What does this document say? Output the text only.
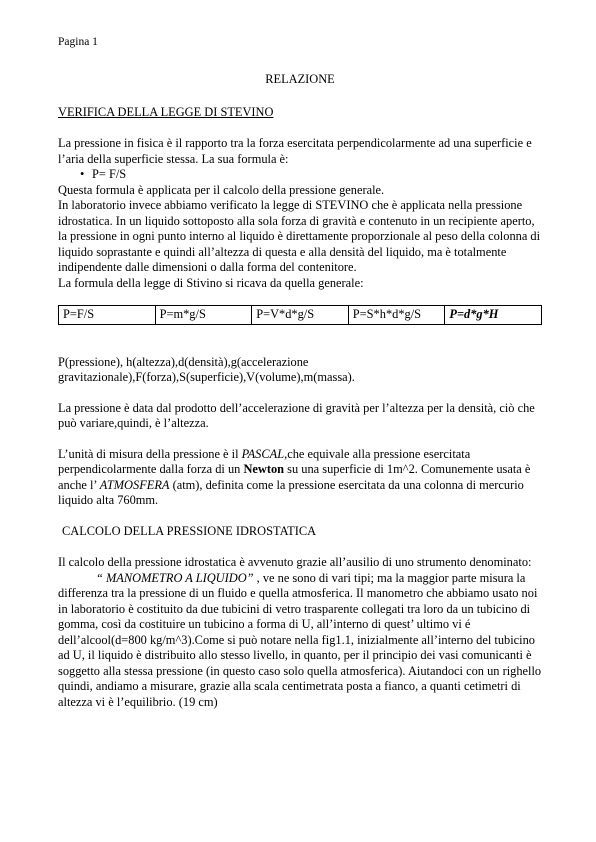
Pagina 1

RELAZIONE

VERIFICA DELLA LEGGE DI STEVINO

La pressione in fisica è il rapporto tra la forza esercitata perpendicolarmente ad una superficie e l’aria della superficie stessa. La sua formula è:

• P= F/S

Questa formula è applicata per il calcolo della pressione generale.

In laboratorio invece abbiamo verificato la legge di STEVINO che è applicata nella pressione idrostatica. In un liquido sottoposto alla sola forza di gravità e contenuto in un recipiente aperto, la pressione in ogni punto interno al liquido è direttamente proporzionale al peso della colonna di liquido soprastante e quindi all’altezza di questa e alla densità del liquido, ma è totalmente indipendente dalle dimensioni o dalla forma del contenitore.

La formula della legge di Stivino si ricava da quella generale:

P=F/S	P=m*g/S	P=V*d*g/S	P=S*h*d*g/S	P=d*g*H

P(pressione), h(altezza),d(densità),g(accelerazione gravitazionale),F(forza),S(superficie),V(volume),m(massa).

La pressione è data dal prodotto dell’accelerazione di gravità per l’altezza per la densità, ciò che può variare,quindi, è l’altezza.

L’unità di misura della pressione è il PASCAL,che equivale alla pressione esercitata perpendicolarmente dalla forza di un Newton su una superficie di 1m^2. Comunemente usata è anche l’ ATMOSFERA (atm), definita come la pressione esercitata da una colonna di mercurio liquido alta 760mm.

CALCOLO DELLA PRESSIONE IDROSTATICA

Il calcolo della pressione idrostatica è avvenuto grazie all’ausilio di uno strumento denominato:“ MANOMETRO A LIQUIDO” , ve ne sono di vari tipi; ma la maggior parte misura la differenza tra la pressione di un fluido e quella atmosferica. Il manometro che abbiamo usato noi in laboratorio è costituito da due tubicini di vetro trasparente collegati tra loro da un tubicino di gomma, così da costituire un tubicino a forma di U, all’interno di quest’ ultimo vi é dell’alcool(d=800 kg/m^3).Come si può notare nella fig1.1, inizialmente all’interno del tubicino ad U, il liquido è distribuito allo stesso livello, in quanto, per il principio dei vasi comunicanti è soggetto alla stessa pressione (in questo caso solo quella atmosferica). Aiutandoci con un righello quindi, andiamo a misurare, grazie alla scala centimetrata posta a fianco, a quanti cetimetri di altezza vi è l’equilibrio. (19 cm)
